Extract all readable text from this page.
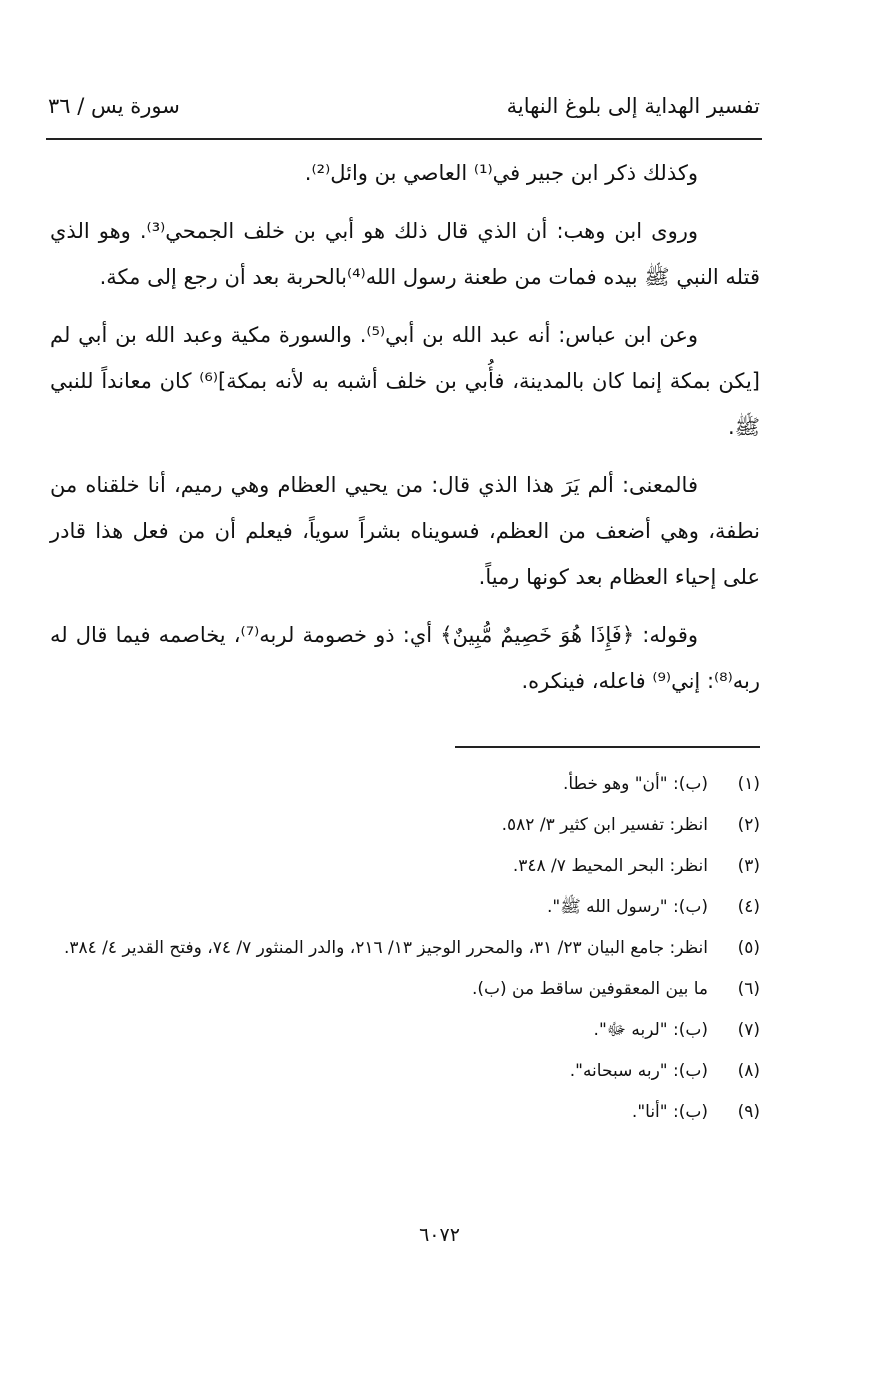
تفسير الهداية إلى بلوغ النهاية
سورة يس / ٣٦

وكذلك ذكر ابن جبير في⁽¹⁾ العاصي بن وائل⁽²⁾.

وروى ابن وهب: أن الذي قال ذلك هو أبي بن خلف الجمحي⁽³⁾. وهو الذي قتله النبي ﷺ بيده فمات من طعنة رسول الله⁽⁴⁾بالحربة بعد أن رجع إلى مكة.

وعن ابن عباس: أنه عبد الله بن أبي⁽⁵⁾. والسورة مكية وعبد الله بن أبي لم [يكن بمكة إنما كان بالمدينة، فأُبي بن خلف أشبه به لأنه بمكة]⁽⁶⁾ كان معانداً للنبي ﷺ.

فالمعنى: ألم يَرَ هذا الذي قال: من يحيي العظام وهي رميم، أنا خلقناه من نطفة، وهي أضعف من العظم، فسويناه بشراً سوياً، فيعلم أن من فعل هذا قادر على إحياء العظام بعد كونها رمياً.

وقوله: ﴿فَإِذَا هُوَ خَصِيمٌ مُّبِينٌ﴾ أي: ذو خصومة لربه⁽⁷⁾، يخاصمه فيما قال له ربه⁽⁸⁾: إني⁽⁹⁾ فاعله، فينكره.

(١)
(ب): "أن" وهو خطأ.
(٢)
انظر: تفسير ابن كثير ٣/ ٥٨٢.
(٣)
انظر: البحر المحيط ٧/ ٣٤٨.
(٤)
(ب): "رسول الله ﷺ".
(٥)
انظر: جامع البيان ٢٣/ ٣١، والمحرر الوجيز ١٣/ ٢١٦، والدر المنثور ٧/ ٧٤، وفتح القدير ٤/ ٣٨٤.
(٦)
ما بين المعقوفين ساقط من (ب).
(٧)
(ب): "لربه ﷻ".
(٨)
(ب): "ربه سبحانه".
(٩)
(ب): "أنا".
٦٠٧٢
